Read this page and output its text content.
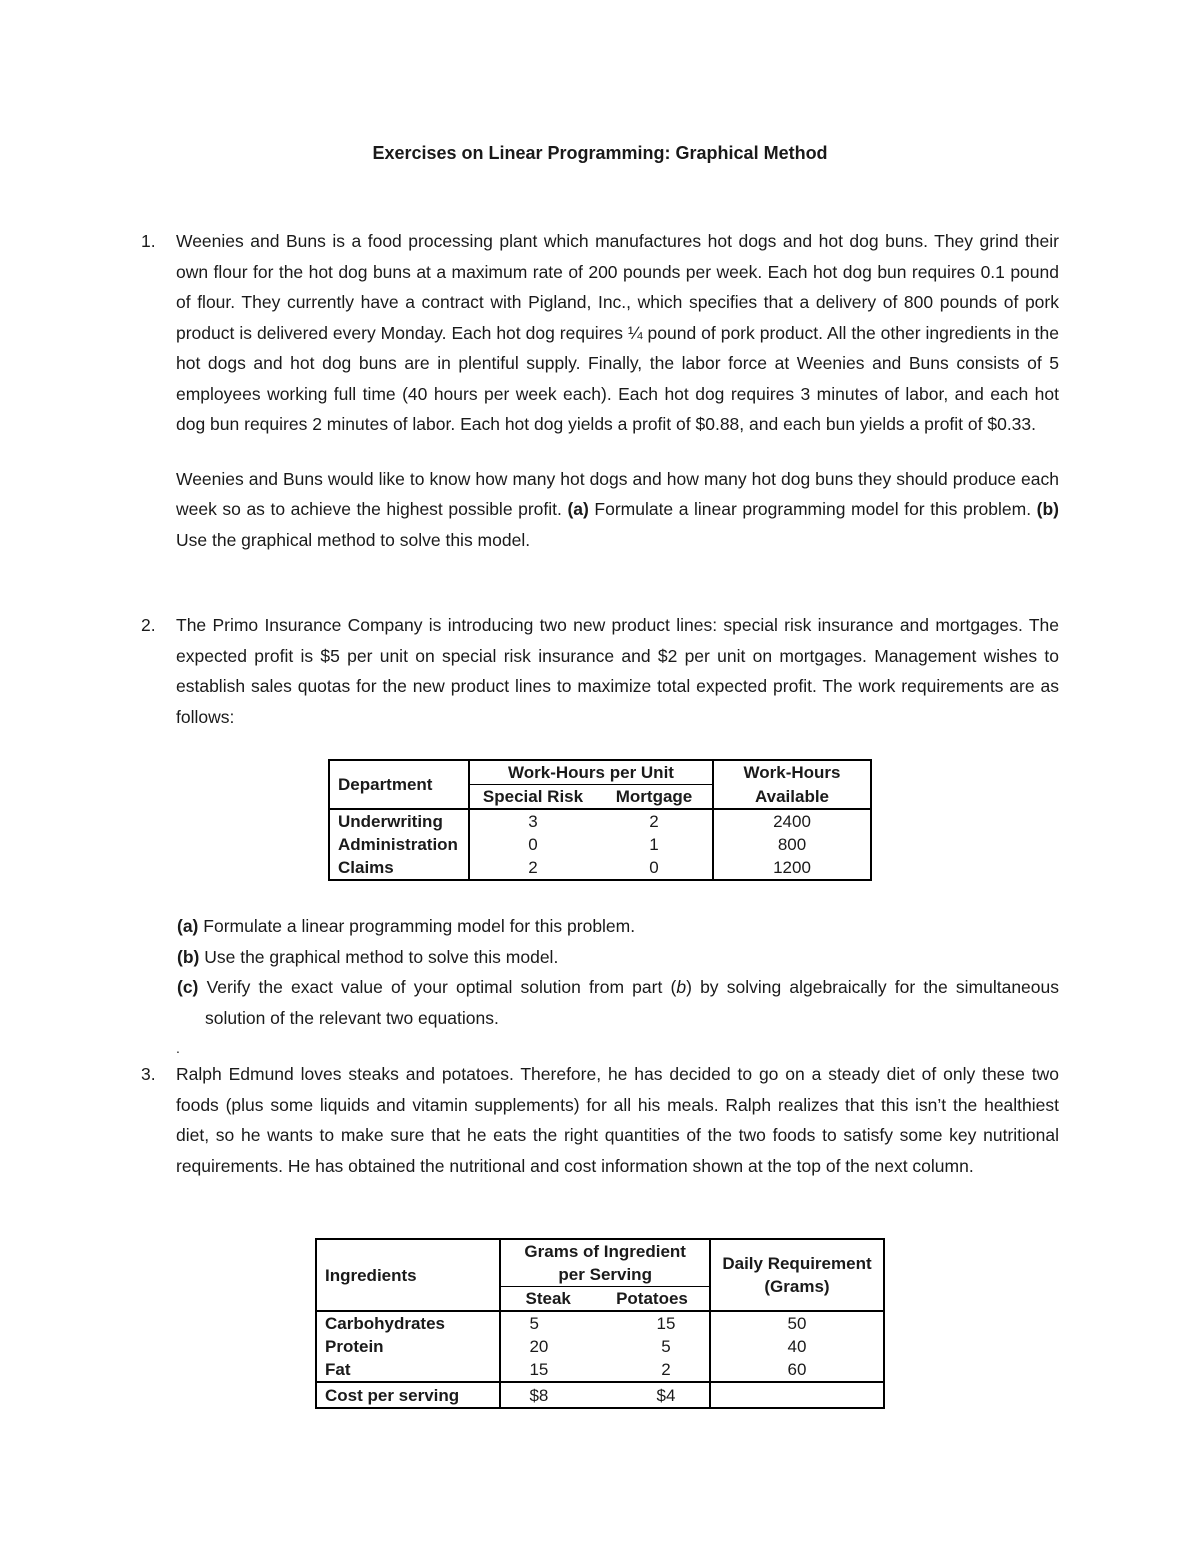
Exercises on Linear Programming: Graphical Method
1.	Weenies and Buns is a food processing plant which manufactures hot dogs and hot dog buns. They grind their own flour for the hot dog buns at a maximum rate of 200 pounds per week. Each hot dog bun requires 0.1 pound of flour. They currently have a contract with Pigland, Inc., which specifies that a delivery of 800 pounds of pork product is delivered every Monday. Each hot dog requires ¼ pound of pork product. All the other ingredients in the hot dogs and hot dog buns are in plentiful supply. Finally, the labor force at Weenies and Buns consists of 5 employees working full time (40 hours per week each). Each hot dog requires 3 minutes of labor, and each hot dog bun requires 2 minutes of labor. Each hot dog yields a profit of $0.88, and each bun yields a profit of $0.33.

Weenies and Buns would like to know how many hot dogs and how many hot dog buns they should produce each week so as to achieve the highest possible profit. (a) Formulate a linear programming model for this problem. (b) Use the graphical method to solve this model.

2.	The Primo Insurance Company is introducing two new product lines: special risk insurance and mortgages. The expected profit is $5 per unit on special risk insurance and $2 per unit on mortgages. Management wishes to establish sales quotas for the new product lines to maximize total expected profit. The work requirements are as follows:

Department	Work-Hours per Unit		Work-Hours
	Special Risk	Mortgage	Available
Underwriting	3	2	2400
Administration	0	1	800
Claims	2	0	1200
(a) Formulate a linear programming model for this problem.
(b) Use the graphical method to solve this model.
(c) Verify the exact value of your optimal solution from part (b) by solving algebraically for the simultaneous solution of the relevant two equations.
.
3.	Ralph Edmund loves steaks and potatoes. Therefore, he has decided to go on a steady diet of only these two foods (plus some liquids and vitamin supplements) for all his meals. Ralph realizes that this isn’t the healthiest diet, so he wants to make sure that he eats the right quantities of the two foods to satisfy some key nutritional requirements. He has obtained the nutritional and cost information shown at the top of the next column.

Ingredients	Grams of Ingredient		Daily Requirement
(Grams)

	per Serving		
	Steak	Potatoes	
Carbohydrates	5	15	50
Protein	20	5	40
Fat	15	2	60
Cost per serving	$8	$4	
